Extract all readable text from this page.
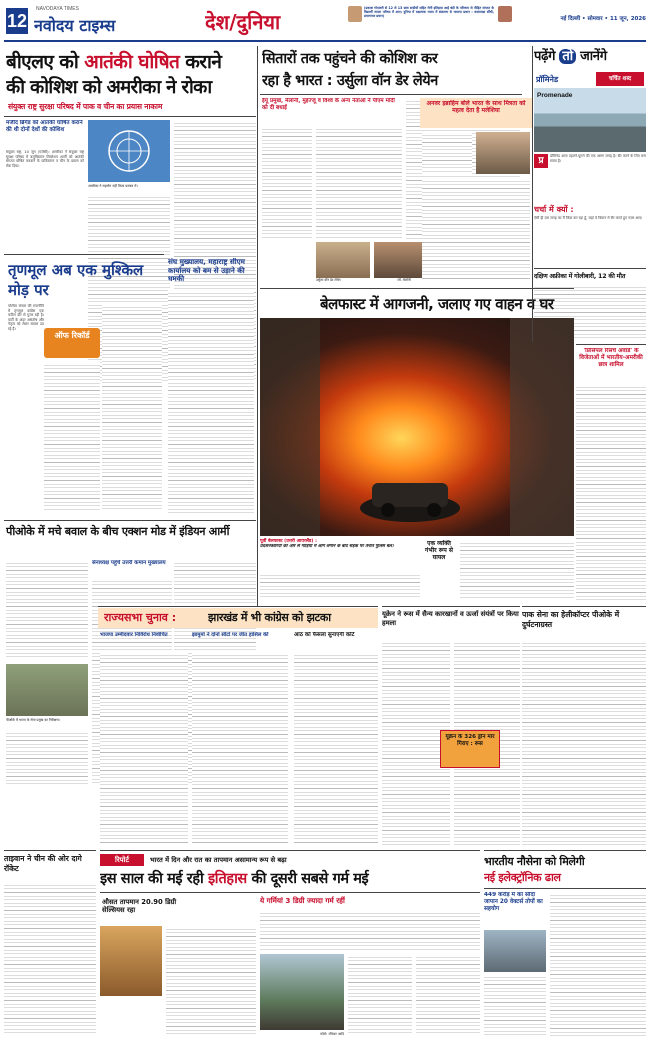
12
NAVODAYA TIMES
नवोदय टाइम्स	देश/दुनिया
(प्रकाश गोदावरी से 12 से 13 छात्र स्टडीयों सहित रोगी इतिहास आई बंडी के परिणाम से पीड़ित संगठन के विद्यार्थी जनता परिषद में आए। दुनिया में रक्षात्मक भारत में संक्रमण से भाजपा प्रधान : कलावाडा सौंधी, प्रयागराज प्रधान)	नई दिल्ली • सोमवार • 11 जून, 2026
बीएलए को आतंकी घोषित कराने
की कोशिश को अमरीका ने रोका
संयुक्त राष्ट्र सुरक्षा परिषद में पाक व चीन का प्रयास नाकाम
मजीद ब्रिगेड को आतंकी घोषित कराने की थी दोनों देशों की कोशिश
संयुक्त राष्ट्र, 10 जून (एजेंसी): अमरीका ने संयुक्त राष्ट्र सुरक्षा परिषद में बलूचिस्तान लिबरेशन आर्मी को आतंकी संगठन घोषित करवाने के पाकिस्तान व चीन के प्रयास को रोक दिया।
अमरीका ने सहयोग नहीं किया प्रस्ताव में।
तृणमूल अब एक मुश्किल मोड़ पर
ऑफ रिकॉर्ड
पश्चिम बंगाल की राजनीति में तृणमूल कांग्रेस एक कठिन दौर से गुजर रही है। पार्टी के अंदर असंतोष और नेतृत्व को लेकर सवाल उठ रहे हैं।
संघ मुख्यालय, महाराष्ट्र सीएम कार्यालय को बम से उड़ाने की धमकी
पीओके में मचे बवाल के बीच एक्शन मोड में इंडियन आर्मी
सेनाध्यक्ष पहुंचे उत्तरी कमान मुख्यालय
पीओके में भारत के सेना प्रमुख का निरीक्षण।
सितारों तक पहुंचने की कोशिश कर
रहा है भारत : उर्सुला वॉन डेर लेयेन
ईयू प्रमुख, मेलोनी, मुइज्जू व विश्व के अन्य नेताओं ने पीएम मोदी को दी बधाई
उर्सुला वॉन डेर लेयेन	जॉ. मेलोनी
अनवर इब्राहिम बोले भारत के साथ मित्रता को महत्व देता है मलेशिया
पढ़ेंगे तो जानेंगे
प्रॉमिनेड	चर्चित शब्द
Promenade
प्र	प्रॉमिनेड आज टहलने-घूमने की एक अलग जगह है। सैर करने के लिए बना रास्ता है।
चर्चा में क्यों :
ऐसी ही उस जगह का मैं जिक्र कर रहा हूँ, जहां वे विमान में सैर करते हुए नज़र आए।
दक्षिण अफ्रीका में गोलीबारी, 12 की मौत
'प्रिंसिपल रिसर्च अवार्ड' के विजेताओं में भारतीय-अमरीकी छात्र शामिल
बेलफास्ट में आगजनी, जलाए गए वाहन व घर
पूर्वी बेलफास्ट (उत्तरी आयरलैंड) :
प्रदर्शनकारियों की ओर से गाड़ियों में आग लगाने के बाद सड़क पर तैनात पुलिस बल।	एक व्यक्ति गंभीर रूप से घायल
राज्यसभा चुनाव :	झारखंड में भी कांग्रेस को झटका
भाजपा उम्मीदवार निर्विरोध निर्वाचित	झामुमो ने दोनों सीटों पर जीत हासिल की	आठ को फैसला सुनाएगी कोर्ट
यूक्रेन ने रूस में सैन्य कारखानों व ऊर्जा संयंत्रों पर किया हमला
यूक्रेन के 326 ड्रोन मार गिराए : रूस
पाक सेना का हेलीकॉप्टर पीओके में दुर्घटनाग्रस्त
ताइवान ने चीन की ओर दागे रॉकेट
रिपोर्ट	भारत में दिन और रात का तापमान असामान्य रूप से बढ़ा
इस साल की मई रही इतिहास की दूसरी सबसे गर्म मई
औसत तापमान 20.90 डिग्री सेल्सियस रहा
ये गर्मियां 3 डिग्री ज्यादा गर्म रहीं
फोटो: रविवार आदि
भारतीय नौसेना को मिलेगी
नई इलेक्ट्रॉनिक ढाल
449 करोड़ में का सौदा जापान 20 वेक्टर्स तोपों का सहयोग
